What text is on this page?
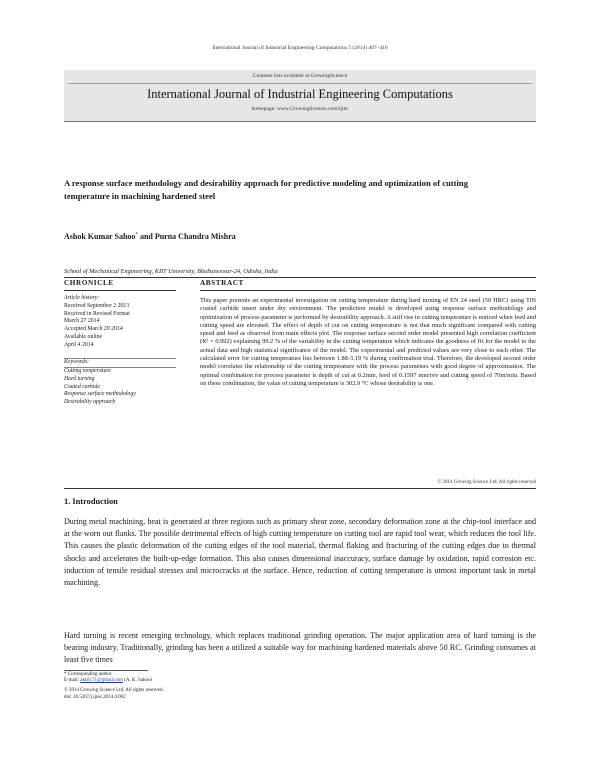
International Journal of Industrial Engineering Computations 5 (2014) 407–416
Contents lists available at GrowingScience
International Journal of Industrial Engineering Computations
homepage: www.GrowingScience.com/ijiec
A response surface methodology and desirability approach for predictive modeling and optimization of cutting temperature in machining hardened steel
Ashok Kumar Sahoo* and Purna Chandra Mishra
School of Mechanical Engineering, KIIT University, Bhubaneswar-24, Odisha, India
CHRONICLE	ABSTRACT
Article history:
Received September 2 2013
Received in Revised Format
March 27 2014
Accepted March 29 2014
Available online
April 4 2014
Keywords:
Cutting temperature
Hard turning
Coated carbide
Response surface methodology
Desirability approach
This paper presents an experimental investigation on cutting temperature during hard turning of EN 24 steel (50 HRC) using TiN coated carbide insert under dry environment. The prediction model is developed using response surface methodology and optimization of process parameter is performed by desirability approach. A stiff rise in cutting temperature is noticed when feed and cutting speed are elevated. The effect of depth of cut on cutting temperature is not that much significant compared with cutting speed and feed as observed from main effects plot. The response surface second order model presented high correlation coefficient (R² = 0.992) explaining 99.2 % of the variability in the cutting temperature which indicates the goodness of fit for the model to the actual data and high statistical significance of the model. The experimental and predicted values are very close to each other. The calculated error for cutting temperature lies between 1.88-3.19 % during confirmation trial. Therefore, the developed second order model correlates the relationship of the cutting temperature with the process parameters with good degree of approximation. The optimal combination for process parameter is depth of cut at 0.2mm, feed of 0.1597 mm/rev and cutting speed of 70m/min. Based on these combination, the value of cutting temperature is 302.9 °C whose desirability is one.
© 2014 Growing Science Ltd. All rights reserved
1. Introduction
During metal machining, heat is generated at three regions such as primary shear zone, secondary deformation zone at the chip-tool interface and at the worn out flanks. The possible detrimental effects of high cutting temperature on cutting tool are rapid tool wear, which reduces the tool life. This causes the plastic deformation of the cutting edges of the tool material, thermal flaking and fracturing of the cutting edges due to thermal shocks and accelerates the built-up-edge formation. This also causes dimensional inaccuracy, surface damage by oxidation, rapid corrosion etc. induction of tensile residual stresses and microcracks at the surface. Hence, reduction of cutting temperature is utmost important task in metal machining.
Hard turning is recent emerging technology, which replaces traditional grinding operation. The major application area of hard turning is the bearing industry. Traditionally, grinding has been a utilized a suitable way for machining hardened materials above 50 RC. Grinding consumes at least five times
* Corresponding author.
E-mail: aklsh.71@gmail.com (A. K. Sahoo)
© 2014 Growing Science Ltd. All rights reserved.
doi: 10.5267/j.ijiec.2014.4.002
